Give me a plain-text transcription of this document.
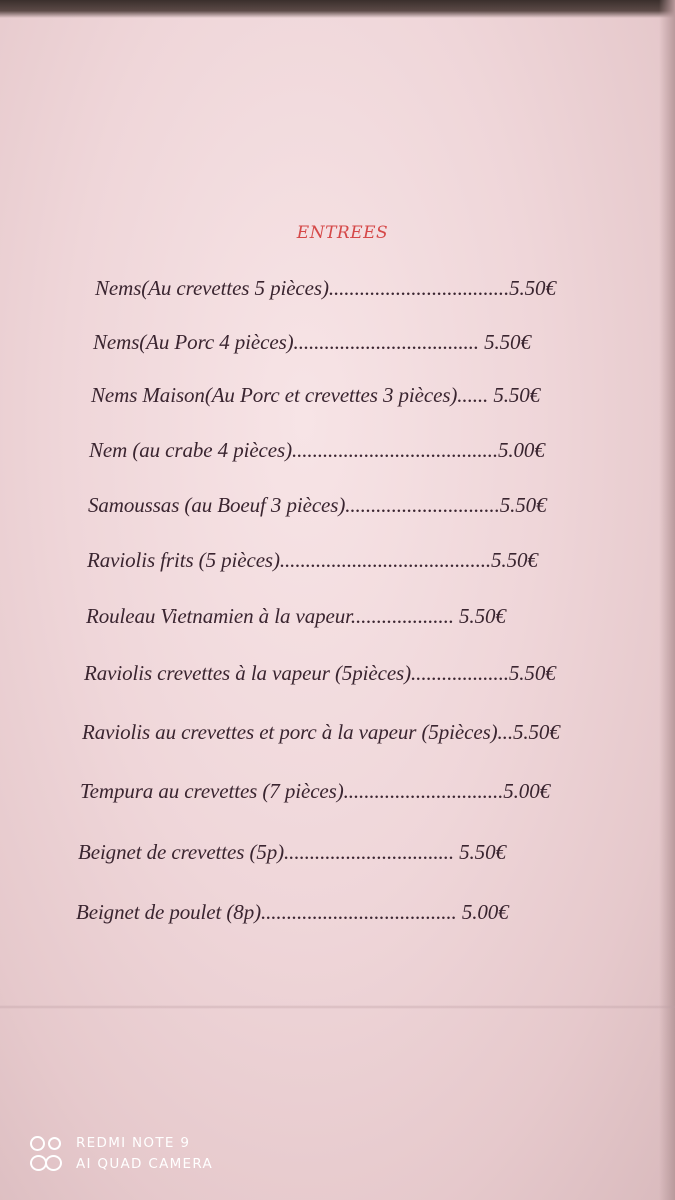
ENTREES
Nems(Au crevettes 5 pièces)...................................5.50€
Nems(Au Porc 4 pièces).................................... 5.50€
Nems Maison(Au Porc et crevettes 3 pièces)...... 5.50€
Nem (au crabe 4 pièces)........................................5.00€
Samoussas (au Boeuf 3 pièces)..............................5.50€
Raviolis frits (5 pièces).........................................5.50€
Rouleau Vietnamien à la vapeur.................... 5.50€
Raviolis crevettes à la vapeur (5pièces)...................5.50€
Raviolis au crevettes et porc à la vapeur (5pièces)...5.50€
Tempura au crevettes (7 pièces)...............................5.00€
Beignet de crevettes (5p)................................. 5.50€
Beignet de poulet (8p)...................................... 5.00€
REDMI NOTE 9
AI QUAD CAMERA
